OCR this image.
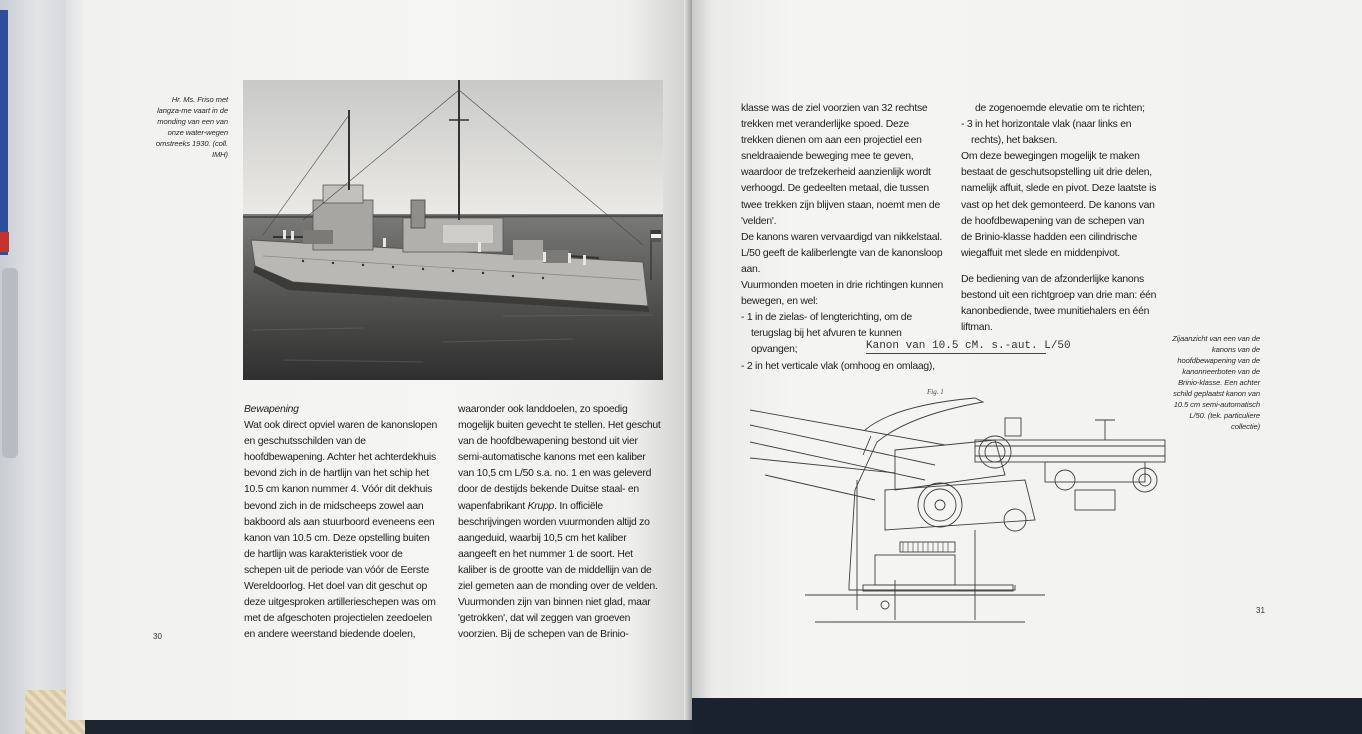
Hr. Ms. Friso met langza-me vaart in de monding van een van onze water-wegen omstreeks 1930. (coll. IMH)

Bewapening

Wat ook direct opviel waren de kanonslopen en geschutsschilden van de hoofdbewapening. Achter het achterdekhuis bevond zich in de hartlijn van het schip het 10.5 cm kanon nummer 4. Vóór dit dekhuis bevond zich in de midscheeps zowel aan bakboord als aan stuurboord eveneens een kanon van 10.5 cm. Deze opstelling buiten de hartlijn was karakteristiek voor de schepen uit de periode van vóór de Eerste Wereldoorlog. Het doel van dit geschut op deze uitgesproken artillerieschepen was om met de afgeschoten projectielen zeedoelen en andere weerstand biedende doelen,

waaronder ook landdoelen, zo spoedig mogelijk buiten gevecht te stellen. Het geschut van de hoofdbewapening bestond uit vier semi-automatische kanons met een kaliber van 10,5 cm L/50 s.a. no. 1 en was geleverd door de destijds bekende Duitse staal- en wapenfabrikant Krupp. In officiële beschrijvingen worden vuurmonden altijd zo aangeduid, waarbij 10,5 cm het kaliber aangeeft en het nummer 1 de soort. Het kaliber is de grootte van de middellijn van de ziel gemeten aan de monding over de velden. Vuurmonden zijn van binnen niet glad, maar 'getrokken', dat wil zeggen van groeven voorzien. Bij de schepen van de Brinio-

30

klasse was de ziel voorzien van 32 rechtse trekken met veranderlijke spoed. Deze trekken dienen om aan een projectiel een sneldraaiende beweging mee te geven, waardoor de trefzekerheid aanzienlijk wordt verhoogd. De gedeelten metaal, die tussen twee trekken zijn blijven staan, noemt men de 'velden'.

De kanons waren vervaardigd van nikkelstaal. L/50 geeft de kaliberlengte van de kanonsloop aan.

Vuurmonden moeten in drie richtingen kunnen bewegen, en wel:

- 1 in de zielas- of lengterichting, om de terugslag bij het afvuren te kunnen opvangen;

- 2 in het verticale vlak (omhoog en omlaag),

de zogenoemde elevatie om te richten;

- 3 in het horizontale vlak (naar links en rechts), het baksen.

Om deze bewegingen mogelijk te maken bestaat de geschutsopstelling uit drie delen, namelijk affuit, slede en pivot. Deze laatste is vast op het dek gemonteerd. De kanons van de hoofdbewapening van de schepen van de Brinio-klasse hadden een cilindrische wiegaffuit met slede en middenpivot.

De bediening van de afzonderlijke kanons bestond uit een richtgroep van drie man: één kanonbediende, twee munitiehalers en één liftman.

Zijaanzicht van een van de kanons van de hoofdbewapening van de kanonneerboten van de Brinio-klasse. Een achter schild geplaatst kanon van 10.5 cm semi-automatisch L/50. (tek. particuliere collectie)
Kanon van 10.5 cM. s.-aut. L/50
Fig. 1
31
